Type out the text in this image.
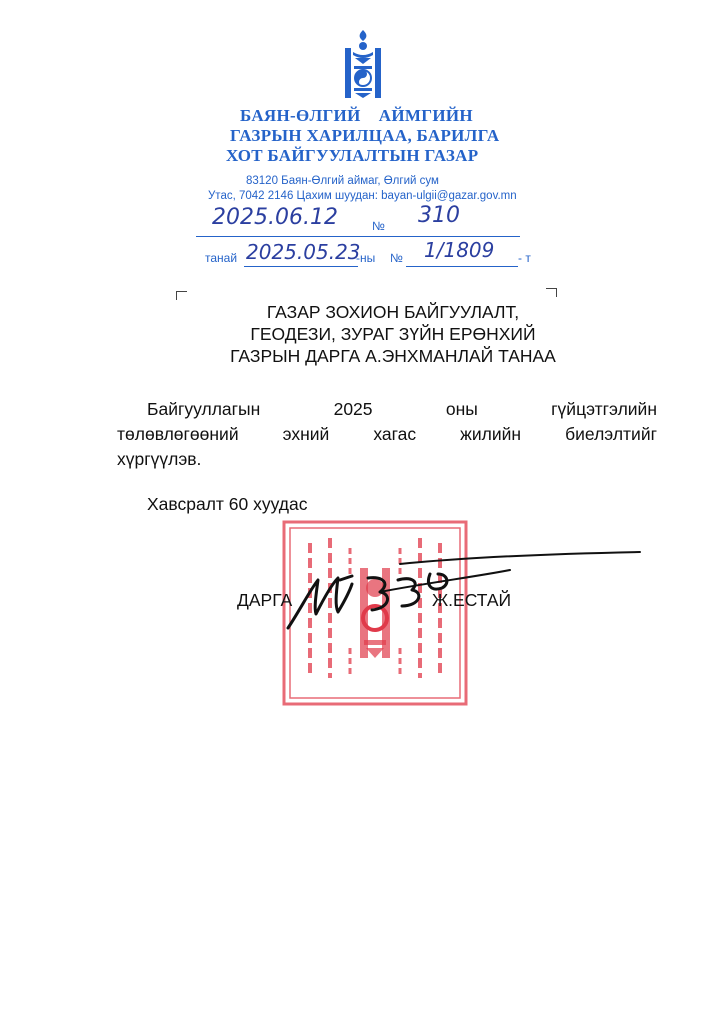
БАЯН-ӨЛГИЙ    АЙМГИЙН
ГАЗРЫН ХАРИЛЦАА, БАРИЛГА
ХОТ БАЙГУУЛАЛТЫН ГАЗАР
83120 Баян-Өлгий аймаг, Өлгий сум
Утас, 7042 2146 Цахим шуудан: bayan-ulgii@gazar.gov.mn
2025.06.12	№ 310
танай 2025.05.23
-ны № 1/1809 - т
ГАЗАР ЗОХИОН БАЙГУУЛАЛТ,
ГЕОДЕЗИ, ЗУРАГ ЗҮЙН ЕРӨНХИЙ
ГАЗРЫН ДАРГА А.ЭНХМАНЛАЙ ТАНАА
Байгууллагын 2025 оны гүйцэтгэлийн
төлөвлөгөөний эхний хагас жилийн биелэлтийг
хүргүүлэв.
Хавсралт 60 хуудас
ДАРГА	Ж.ЕСТАЙ
